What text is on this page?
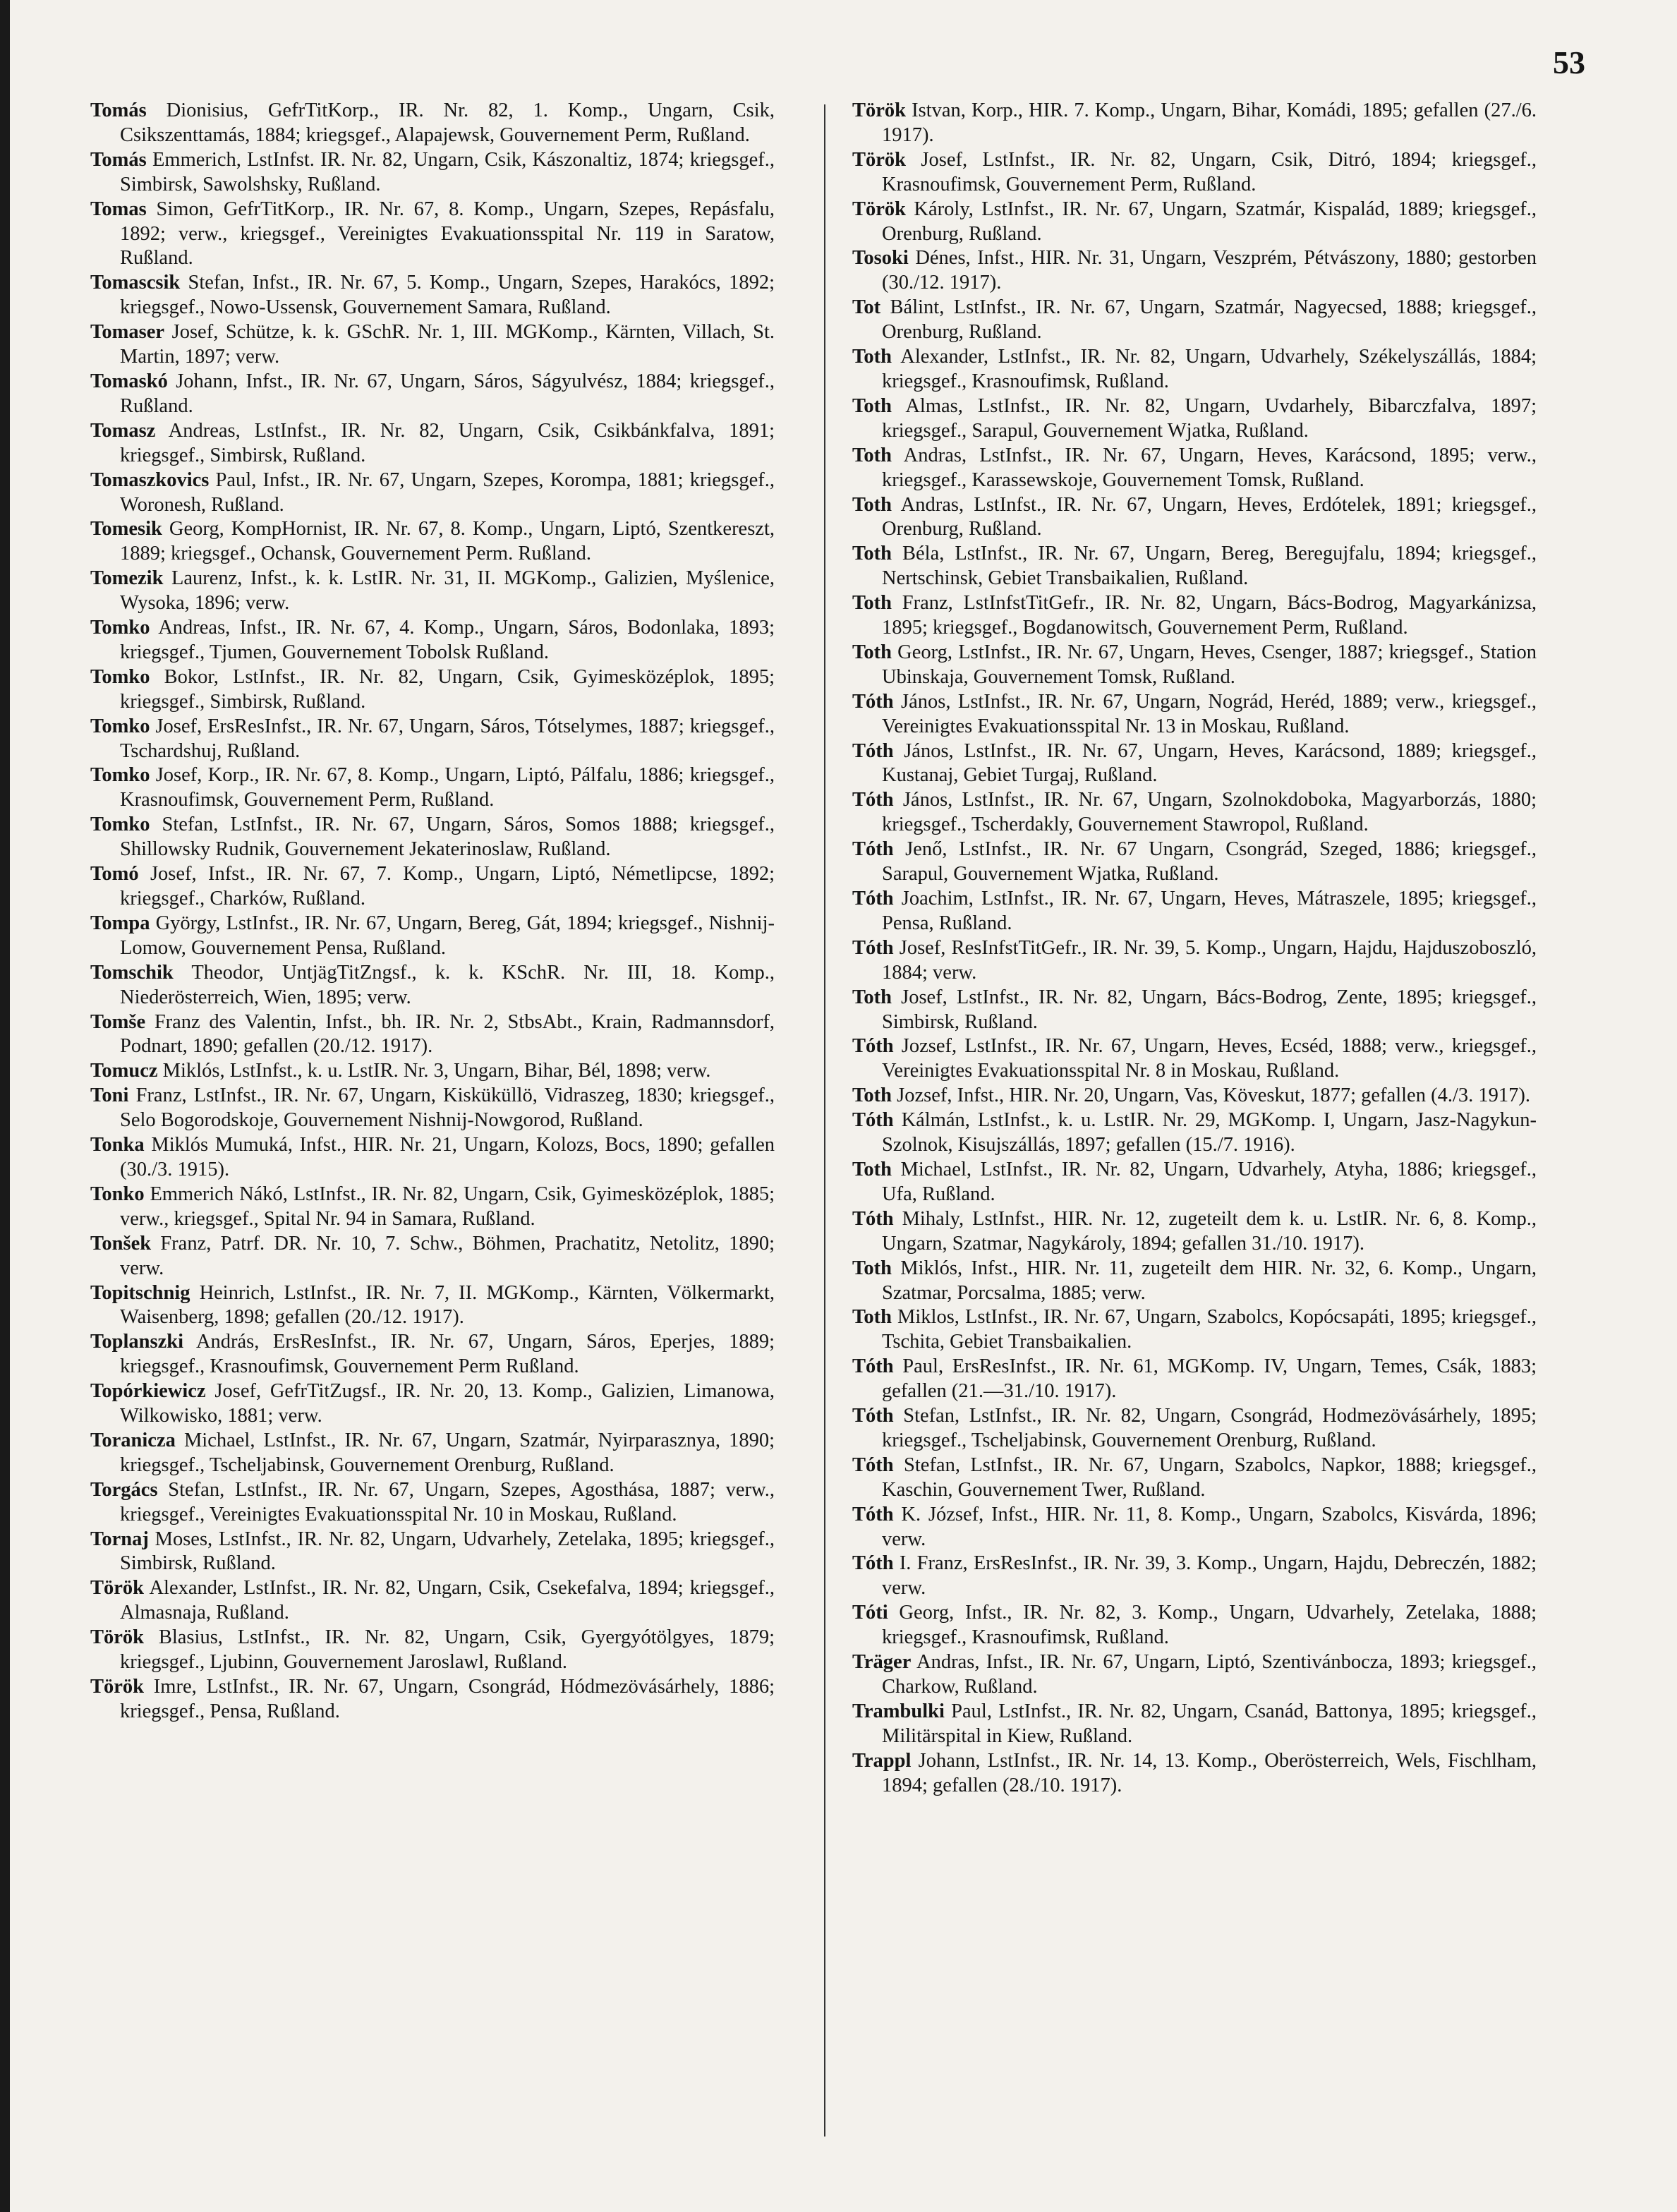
53

Tomás Dionisius, GefrTitKorp., IR. Nr. 82, 1. Komp., Ungarn, Csik, Csikszenttamás, 1884; kriegsgef., Alapajewsk, Gouvernement Perm, Rußland.

Tomás Emmerich, LstInfst. IR. Nr. 82, Ungarn, Csik, Kászonaltiz, 1874; kriegsgef., Simbirsk, Sawolshsky, Rußland.

Tomas Simon, GefrTitKorp., IR. Nr. 67, 8. Komp., Ungarn, Szepes, Repásfalu, 1892; verw., kriegsgef., Vereinigtes Evakuationsspital Nr. 119 in Saratow, Rußland.

Tomascsik Stefan, Infst., IR. Nr. 67, 5. Komp., Ungarn, Szepes, Harakócs, 1892; kriegsgef., Nowo-Ussensk, Gouvernement Samara, Rußland.

Tomaser Josef, Schütze, k. k. GSchR. Nr. 1, III. MGKomp., Kärnten, Villach, St. Martin, 1897; verw.

Tomaskó Johann, Infst., IR. Nr. 67, Ungarn, Sáros, Ságyulvész, 1884; kriegsgef., Rußland.

Tomasz Andreas, LstInfst., IR. Nr. 82, Ungarn, Csik, Csikbánkfalva, 1891; kriegsgef., Simbirsk, Rußland.

Tomaszkovics Paul, Infst., IR. Nr. 67, Ungarn, Szepes, Korompa, 1881; kriegsgef., Woronesh, Rußland.

Tomesik Georg, KompHornist, IR. Nr. 67, 8. Komp., Ungarn, Liptó, Szentkereszt, 1889; kriegsgef., Ochansk, Gouvernement Perm. Rußland.

Tomezik Laurenz, Infst., k. k. LstIR. Nr. 31, II. MGKomp., Galizien, Myślenice, Wysoka, 1896; verw.

Tomko Andreas, Infst., IR. Nr. 67, 4. Komp., Ungarn, Sáros, Bodonlaka, 1893; kriegsgef., Tjumen, Gouvernement Tobolsk Rußland.

Tomko Bokor, LstInfst., IR. Nr. 82, Ungarn, Csik, Gyimesközéplok, 1895; kriegsgef., Simbirsk, Rußland.

Tomko Josef, ErsResInfst., IR. Nr. 67, Ungarn, Sáros, Tótselymes, 1887; kriegsgef., Tschardshuj, Rußland.

Tomko Josef, Korp., IR. Nr. 67, 8. Komp., Ungarn, Liptó, Pálfalu, 1886; kriegsgef., Krasnoufimsk, Gouvernement Perm, Rußland.

Tomko Stefan, LstInfst., IR. Nr. 67, Ungarn, Sáros, Somos 1888; kriegsgef., Shillowsky Rudnik, Gouvernement Jekaterinoslaw, Rußland.

Tomó Josef, Infst., IR. Nr. 67, 7. Komp., Ungarn, Liptó, Németlipcse, 1892; kriegsgef., Charków, Rußland.

Tompa György, LstInfst., IR. Nr. 67, Ungarn, Bereg, Gát, 1894; kriegsgef., Nishnij-Lomow, Gouvernement Pensa, Rußland.

Tomschik Theodor, UntjägTitZngsf., k. k. KSchR. Nr. III, 18. Komp., Niederösterreich, Wien, 1895; verw.

Tomše Franz des Valentin, Infst., bh. IR. Nr. 2, StbsAbt., Krain, Radmannsdorf, Podnart, 1890; gefallen (20./12. 1917).

Tomucz Miklós, LstInfst., k. u. LstIR. Nr. 3, Ungarn, Bihar, Bél, 1898; verw.

Toni Franz, LstInfst., IR. Nr. 67, Ungarn, Kisküküllö, Vidraszeg, 1830; kriegsgef., Selo Bogorodskoje, Gouvernement Nishnij-Nowgorod, Rußland.

Tonka Miklós Mumuká, Infst., HIR. Nr. 21, Ungarn, Kolozs, Bocs, 1890; gefallen (30./3. 1915).

Tonko Emmerich Nákó, LstInfst., IR. Nr. 82, Ungarn, Csik, Gyimesközéplok, 1885; verw., kriegsgef., Spital Nr. 94 in Samara, Rußland.

Tonšek Franz, Patrf. DR. Nr. 10, 7. Schw., Böhmen, Prachatitz, Netolitz, 1890; verw.

Topitschnig Heinrich, LstInfst., IR. Nr. 7, II. MGKomp., Kärnten, Völkermarkt, Waisenberg, 1898; gefallen (20./12. 1917).

Toplanszki András, ErsResInfst., IR. Nr. 67, Ungarn, Sáros, Eperjes, 1889; kriegsgef., Krasnoufimsk, Gouvernement Perm Rußland.

Topórkiewicz Josef, GefrTitZugsf., IR. Nr. 20, 13. Komp., Galizien, Limanowa, Wilkowisko, 1881; verw.

Toranicza Michael, LstInfst., IR. Nr. 67, Ungarn, Szatmár, Nyirparasznya, 1890; kriegsgef., Tscheljabinsk, Gouvernement Orenburg, Rußland.

Torgács Stefan, LstInfst., IR. Nr. 67, Ungarn, Szepes, Agosthása, 1887; verw., kriegsgef., Vereinigtes Evakuationsspital Nr. 10 in Moskau, Rußland.

Tornaj Moses, LstInfst., IR. Nr. 82, Ungarn, Udvarhely, Zetelaka, 1895; kriegsgef., Simbirsk, Rußland.

Török Alexander, LstInfst., IR. Nr. 82, Ungarn, Csik, Csekefalva, 1894; kriegsgef., Almasnaja, Rußland.

Török Blasius, LstInfst., IR. Nr. 82, Ungarn, Csik, Gyergyótölgyes, 1879; kriegsgef., Ljubinn, Gouvernement Jaroslawl, Rußland.

Török Imre, LstInfst., IR. Nr. 67, Ungarn, Csongrád, Hódmezövásárhely, 1886; kriegsgef., Pensa, Rußland.

Török Istvan, Korp., HIR. 7. Komp., Ungarn, Bihar, Komádi, 1895; gefallen (27./6. 1917).

Török Josef, LstInfst., IR. Nr. 82, Ungarn, Csik, Ditró, 1894; kriegsgef., Krasnoufimsk, Gouvernement Perm, Rußland.

Török Károly, LstInfst., IR. Nr. 67, Ungarn, Szatmár, Kispalád, 1889; kriegsgef., Orenburg, Rußland.

Tosoki Dénes, Infst., HIR. Nr. 31, Ungarn, Veszprém, Pétvászony, 1880; gestorben (30./12. 1917).

Tot Bálint, LstInfst., IR. Nr. 67, Ungarn, Szatmár, Nagyecsed, 1888; kriegsgef., Orenburg, Rußland.

Toth Alexander, LstInfst., IR. Nr. 82, Ungarn, Udvarhely, Székelyszállás, 1884; kriegsgef., Krasnoufimsk, Rußland.

Toth Almas, LstInfst., IR. Nr. 82, Ungarn, Uvdarhely, Bibarczfalva, 1897; kriegsgef., Sarapul, Gouvernement Wjatka, Rußland.

Toth Andras, LstInfst., IR. Nr. 67, Ungarn, Heves, Karácsond, 1895; verw., kriegsgef., Karassewskoje, Gouvernement Tomsk, Rußland.

Toth Andras, LstInfst., IR. Nr. 67, Ungarn, Heves, Erdótelek, 1891; kriegsgef., Orenburg, Rußland.

Toth Béla, LstInfst., IR. Nr. 67, Ungarn, Bereg, Beregujfalu, 1894; kriegsgef., Nertschinsk, Gebiet Transbaikalien, Rußland.

Toth Franz, LstInfstTitGefr., IR. Nr. 82, Ungarn, Bács-Bodrog, Magyarkánizsa, 1895; kriegsgef., Bogdanowitsch, Gouvernement Perm, Rußland.

Toth Georg, LstInfst., IR. Nr. 67, Ungarn, Heves, Csenger, 1887; kriegsgef., Station Ubinskaja, Gouvernement Tomsk, Rußland.

Tóth János, LstInfst., IR. Nr. 67, Ungarn, Nográd, Heréd, 1889; verw., kriegsgef., Vereinigtes Evakuationsspital Nr. 13 in Moskau, Rußland.

Tóth János, LstInfst., IR. Nr. 67, Ungarn, Heves, Karácsond, 1889; kriegsgef., Kustanaj, Gebiet Turgaj, Rußland.

Tóth János, LstInfst., IR. Nr. 67, Ungarn, Szolnokdoboka, Magyarborzás, 1880; kriegsgef., Tscherdakly, Gouvernement Stawropol, Rußland.

Tóth Jenő, LstInfst., IR. Nr. 67 Ungarn, Csongrád, Szeged, 1886; kriegsgef., Sarapul, Gouvernement Wjatka, Rußland.

Tóth Joachim, LstInfst., IR. Nr. 67, Ungarn, Heves, Mátraszele, 1895; kriegsgef., Pensa, Rußland.

Tóth Josef, ResInfstTitGefr., IR. Nr. 39, 5. Komp., Ungarn, Hajdu, Hajduszoboszló, 1884; verw.

Toth Josef, LstInfst., IR. Nr. 82, Ungarn, Bács-Bodrog, Zente, 1895; kriegsgef., Simbirsk, Rußland.

Tóth Jozsef, LstInfst., IR. Nr. 67, Ungarn, Heves, Ecséd, 1888; verw., kriegsgef., Vereinigtes Evakuationsspital Nr. 8 in Moskau, Rußland.

Toth Jozsef, Infst., HIR. Nr. 20, Ungarn, Vas, Köveskut, 1877; gefallen (4./3. 1917).

Tóth Kálmán, LstInfst., k. u. LstIR. Nr. 29, MGKomp. I, Ungarn, Jasz-Nagykun-Szolnok, Kisujszállás, 1897; gefallen (15./7. 1916).

Toth Michael, LstInfst., IR. Nr. 82, Ungarn, Udvarhely, Atyha, 1886; kriegsgef., Ufa, Rußland.

Tóth Mihaly, LstInfst., HIR. Nr. 12, zugeteilt dem k. u. LstIR. Nr. 6, 8. Komp., Ungarn, Szatmar, Nagykároly, 1894; gefallen 31./10. 1917).

Toth Miklós, Infst., HIR. Nr. 11, zugeteilt dem HIR. Nr. 32, 6. Komp., Ungarn, Szatmar, Porcsalma, 1885; verw.

Toth Miklos, LstInfst., IR. Nr. 67, Ungarn, Szabolcs, Kopócsapáti, 1895; kriegsgef., Tschita, Gebiet Transbaikalien.

Tóth Paul, ErsResInfst., IR. Nr. 61, MGKomp. IV, Ungarn, Temes, Csák, 1883; gefallen (21.—31./10. 1917).

Tóth Stefan, LstInfst., IR. Nr. 82, Ungarn, Csongrád, Hodmezövásárhely, 1895; kriegsgef., Tscheljabinsk, Gouvernement Orenburg, Rußland.

Tóth Stefan, LstInfst., IR. Nr. 67, Ungarn, Szabolcs, Napkor, 1888; kriegsgef., Kaschin, Gouvernement Twer, Rußland.

Tóth K. József, Infst., HIR. Nr. 11, 8. Komp., Ungarn, Szabolcs, Kisvárda, 1896; verw.

Tóth I. Franz, ErsResInfst., IR. Nr. 39, 3. Komp., Ungarn, Hajdu, Debreczén, 1882; verw.

Tóti Georg, Infst., IR. Nr. 82, 3. Komp., Ungarn, Udvarhely, Zetelaka, 1888; kriegsgef., Krasnoufimsk, Rußland.

Träger Andras, Infst., IR. Nr. 67, Ungarn, Liptó, Szentivánbocza, 1893; kriegsgef., Charkow, Rußland.

Trambulki Paul, LstInfst., IR. Nr. 82, Ungarn, Csanád, Battonya, 1895; kriegsgef., Militärspital in Kiew, Rußland.

Trappl Johann, LstInfst., IR. Nr. 14, 13. Komp., Oberösterreich, Wels, Fischlham, 1894; gefallen (28./10. 1917).
